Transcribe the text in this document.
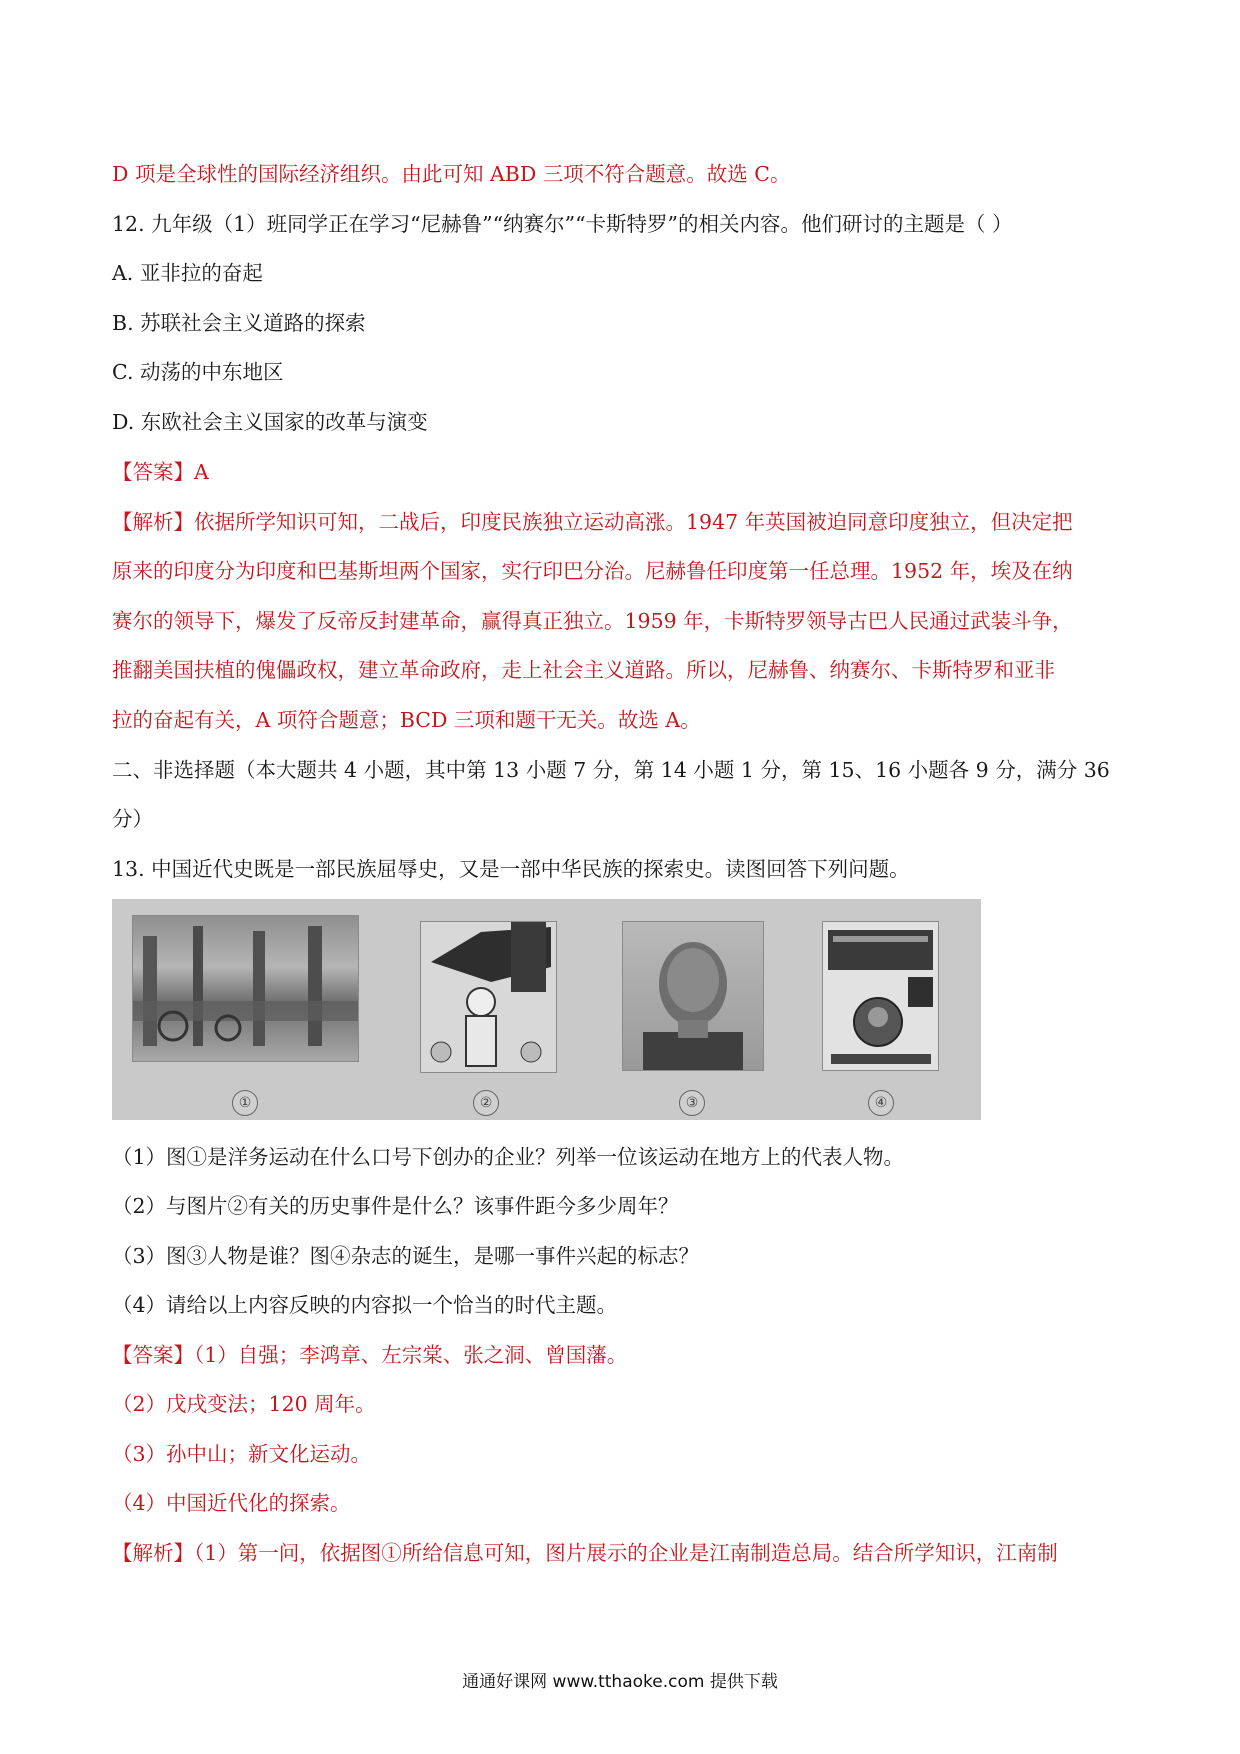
D 项是全球性的国际经济组织。由此可知 ABD 三项不符合题意。故选 C。
12. 九年级（1）班同学正在学习“尼赫鲁”“纳赛尔”“卡斯特罗”的相关内容。他们研讨的主题是（ ）
A. 亚非拉的奋起
B. 苏联社会主义道路的探索
C. 动荡的中东地区
D. 东欧社会主义国家的改革与演变
【答案】A
【解析】依据所学知识可知，二战后，印度民族独立运动高涨。1947 年英国被迫同意印度独立，但决定把
原来的印度分为印度和巴基斯坦两个国家，实行印巴分治。尼赫鲁任印度第一任总理。1952 年，埃及在纳
赛尔的领导下，爆发了反帝反封建革命，赢得真正独立。1959 年，卡斯特罗领导古巴人民通过武装斗争，
推翻美国扶植的傀儡政权，建立革命政府，走上社会主义道路。所以，尼赫鲁、纳赛尔、卡斯特罗和亚非
拉的奋起有关，A 项符合题意；BCD 三项和题干无关。故选 A。
二、非选择题（本大题共 4 小题，其中第 13 小题 7 分，第 14 小题 1 分，第 15、16 小题各 9 分，满分 36
分）
13. 中国近代史既是一部民族屈辱史，又是一部中华民族的探索史。读图回答下列问题。
①	②	③	④
（1）图①是洋务运动在什么口号下创办的企业？列举一位该运动在地方上的代表人物。
（2）与图片②有关的历史事件是什么？该事件距今多少周年？
（3）图③人物是谁？图④杂志的诞生，是哪一事件兴起的标志？
（4）请给以上内容反映的内容拟一个恰当的时代主题。
【答案】（1）自强；李鸿章、左宗棠、张之洞、曾国藩。
（2）戊戌变法；120 周年。
（3）孙中山；新文化运动。
（4）中国近代化的探索。
【解析】（1）第一问，依据图①所给信息可知，图片展示的企业是江南制造总局。结合所学知识，江南制
通通好课网 www.tthaoke.com 提供下载
